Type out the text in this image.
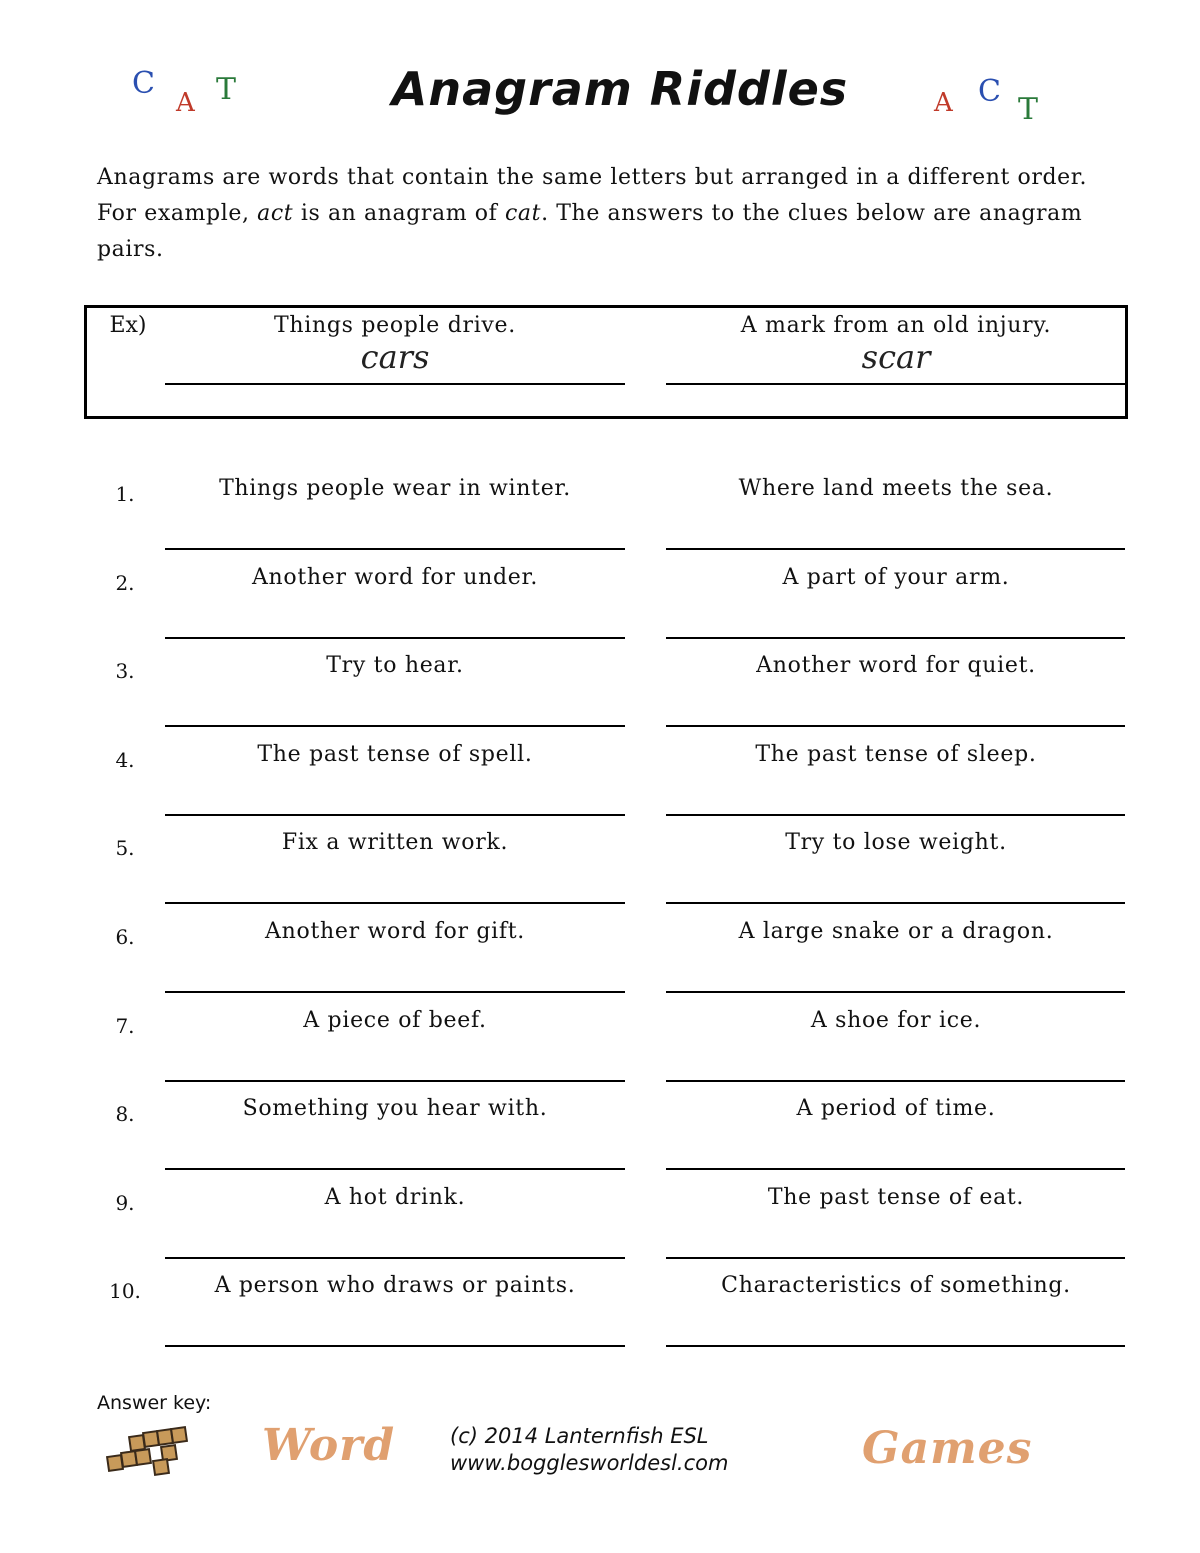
C
A T	A C
T
Anagram Riddles
Anagrams are words that contain the same letters but arranged in a different order. For example, act is an anagram of cat. The answers to the clues below are anagram pairs.
Ex)	Things people drive.	A mark from an old injury.
cars	scar
1.	Things people wear in winter.	Where land meets the sea.
2.	Another word for under.	A part of your arm.
3.	Try to hear.	Another word for quiet.
4.	The past tense of spell.	The past tense of sleep.
5.	Fix a written work.	Try to lose weight.
6.	Another word for gift.	A large snake or a dragon.
7.	A piece of beef.	A shoe for ice.
8.	Something you hear with.	A period of time.
9.	A hot drink.	The past tense of eat.
10.	A person who draws or paints.	Characteristics of something.
Answer key:
Word	(c) 2014 Lanternfish ESL
www.bogglesworldesl.com	Games
